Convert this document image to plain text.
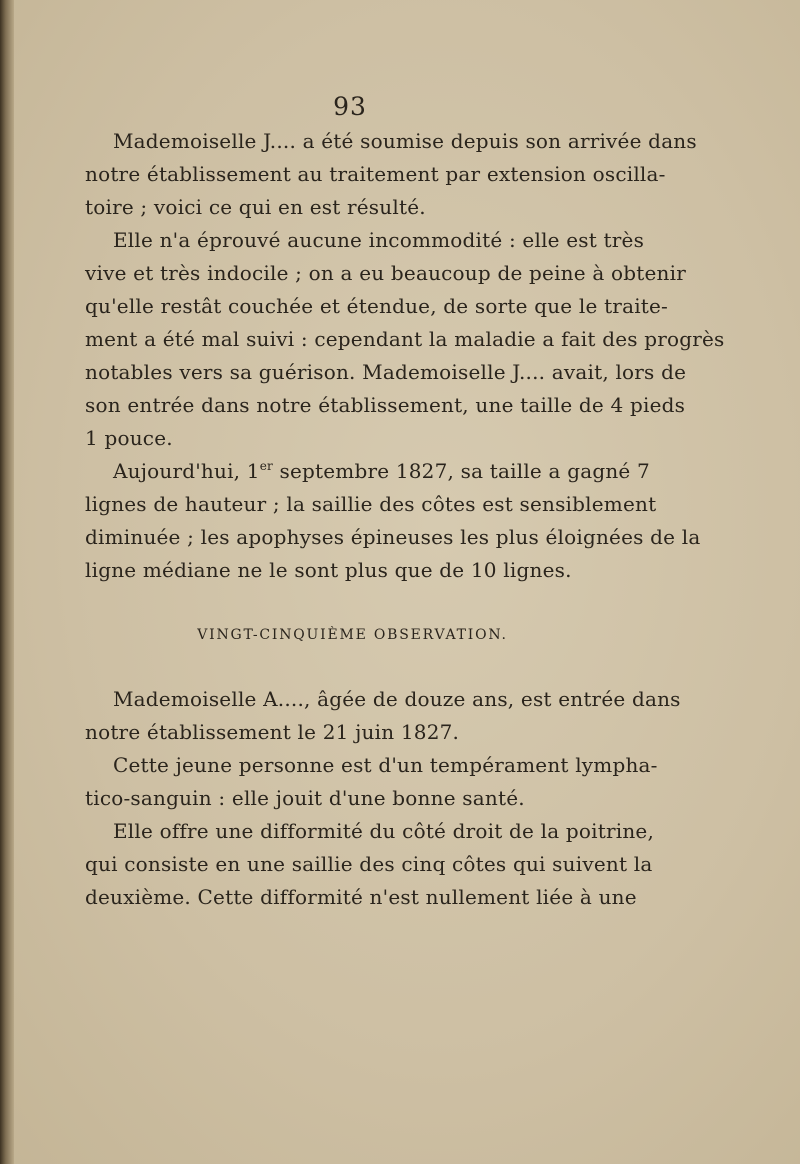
93
Mademoiselle J.... a été soumise depuis son arrivée dans
notre établissement au traitement par extension oscilla-
toire ; voici ce qui en est résulté.
Elle n'a éprouvé aucune incommodité : elle est très
vive et très indocile ; on a eu beaucoup de peine à obtenir
qu'elle restât couchée et étendue, de sorte que le traite-
ment a été mal suivi : cependant la maladie a fait des progrès
notables vers sa guérison. Mademoiselle J.... avait, lors de
son entrée dans notre établissement, une taille de 4 pieds
1 pouce.
Aujourd'hui, 1er septembre 1827, sa taille a gagné 7
lignes de hauteur ; la saillie des côtes est sensiblement
diminuée ; les apophyses épineuses les plus éloignées de la
ligne médiane ne le sont plus que de 10 lignes.
VINGT-CINQUIÈME OBSERVATION.
Mademoiselle A...., âgée de douze ans, est entrée dans
notre établissement le 21 juin 1827.
Cette jeune personne est d'un tempérament lympha-
tico-sanguin : elle jouit d'une bonne santé.
Elle offre une difformité du côté droit de la poitrine,
qui consiste en une saillie des cinq côtes qui suivent la
deuxième. Cette difformité n'est nullement liée à une
